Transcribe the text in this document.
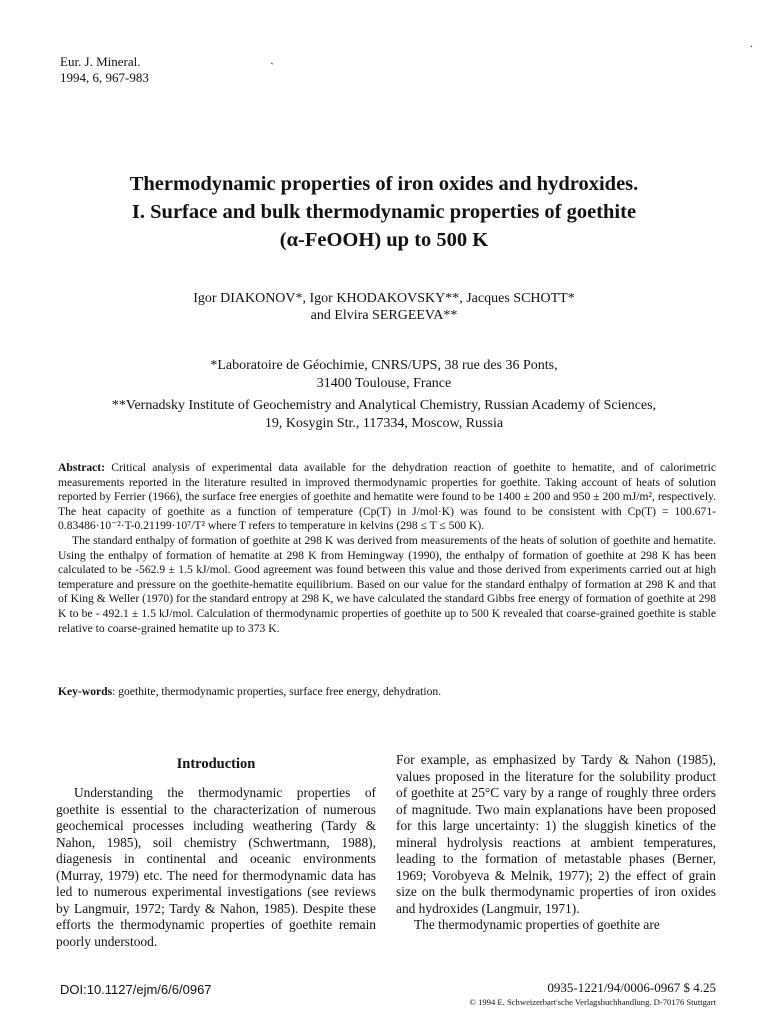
Eur. J. Mineral.
1994, 6, 967-983
`
.
Thermodynamic properties of iron oxides and hydroxides.
I. Surface and bulk thermodynamic properties of goethite
(α-FeOOH) up to 500 K
Igor DIAKONOV*, Igor KHODAKOVSKY**, Jacques SCHOTT*
and Elvira SERGEEVA**
*Laboratoire de Géochimie, CNRS/UPS, 38 rue des 36 Ponts,
31400 Toulouse, France
**Vernadsky Institute of Geochemistry and Analytical Chemistry, Russian Academy of Sciences,
19, Kosygin Str., 117334, Moscow, Russia

Abstract: Critical analysis of experimental data available for the dehydration reaction of goethite to hematite, and of calorimetric measurements reported in the literature resulted in improved thermodynamic properties for goethite. Taking account of heats of solution reported by Ferrier (1966), the surface free energies of goethite and hematite were found to be 1400 ± 200 and 950 ± 200 mJ/m², respectively. The heat capacity of goethite as a function of temperature (Cp(T) in J/mol·K) was found to be consistent with Cp(T) = 100.671-0.83486·10⁻²·T-0.21199·10⁷/T² where T refers to temperature in kelvins (298 ≤ T ≤ 500 K).

The standard enthalpy of formation of goethite at 298 K was derived from measurements of the heats of solution of goethite and hematite. Using the enthalpy of formation of hematite at 298 K from Hemingway (1990), the enthalpy of formation of goethite at 298 K has been calculated to be -562.9 ± 1.5 kJ/mol. Good agreement was found between this value and those derived from experiments carried out at high temperature and pressure on the goethite-hematite equilibrium. Based on our value for the standard enthalpy of formation at 298 K and that of King & Weller (1970) for the standard entropy at 298 K, we have calculated the standard Gibbs free energy of formation of goethite at 298 K to be - 492.1 ± 1.5 kJ/mol. Calculation of thermodynamic properties of goethite up to 500 K revealed that coarse-grained goethite is stable relative to coarse-grained hematite up to 373 K.

Key-words: goethite, thermodynamic properties, surface free energy, dehydration.
Introduction

Understanding the thermodynamic properties of goethite is essential to the characterization of numerous geochemical processes including weathering (Tardy & Nahon, 1985), soil chemistry (Schwertmann, 1988), diagenesis in continental and oceanic environments (Murray, 1979) etc. The need for thermodynamic data has led to numerous experimental investigations (see reviews by Langmuir, 1972; Tardy & Nahon, 1985). Despite these efforts the thermodynamic properties of goethite remain poorly understood.

For example, as emphasized by Tardy & Nahon (1985), values proposed in the literature for the solubility product of goethite at 25°C vary by a range of roughly three orders of magnitude. Two main explanations have been proposed for this large uncertainty: 1) the sluggish kinetics of the mineral hydrolysis reactions at ambient temperatures, leading to the formation of metastable phases (Berner, 1969; Vorobyeva & Melnik, 1977); 2) the effect of grain size on the bulk thermodynamic properties of iron oxides and hydroxides (Langmuir, 1971).

The thermodynamic properties of goethite are

DOI:10.1127/ejm/6/6/0967	0935-1221/94/0006-0967 $ 4.25
© 1994 E. Schweizerbart'sche Verlagsbuchhandlung. D-70176 Stuttgart
